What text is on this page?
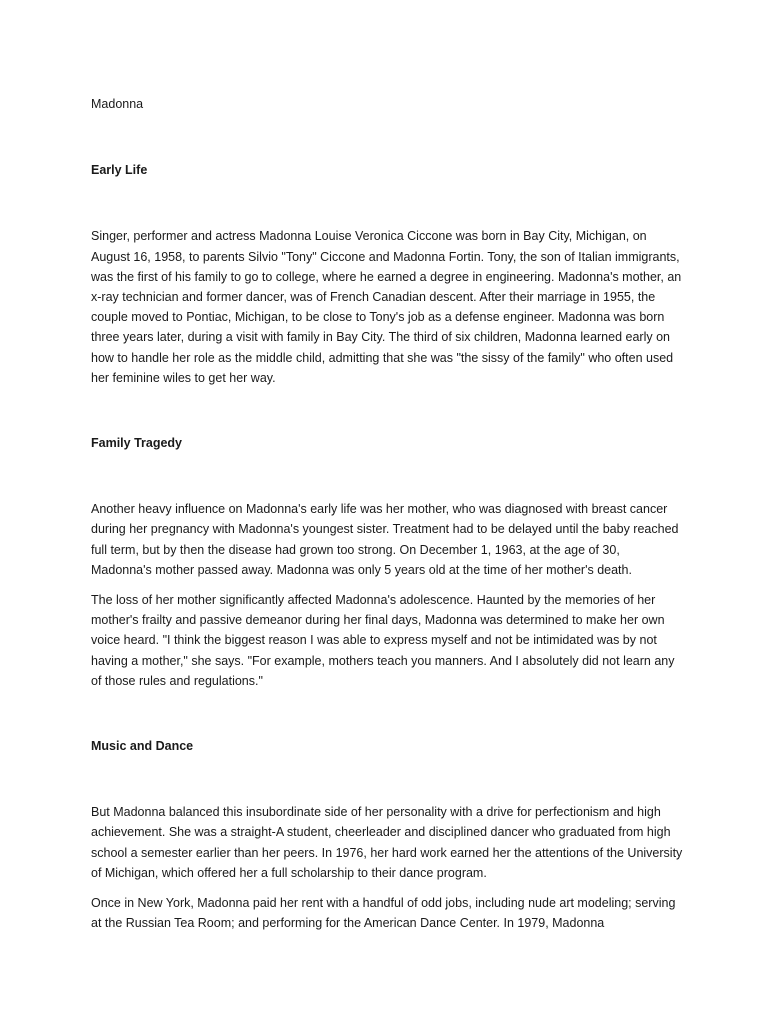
Madonna
Early Life

Singer, performer and actress Madonna Louise Veronica Ciccone was born in Bay City, Michigan, on August 16, 1958, to parents Silvio "Tony" Ciccone and Madonna Fortin. Tony, the son of Italian immigrants, was the first of his family to go to college, where he earned a degree in engineering. Madonna's mother, an x-ray technician and former dancer, was of French Canadian descent. After their marriage in 1955, the couple moved to Pontiac, Michigan, to be close to Tony's job as a defense engineer. Madonna was born three years later, during a visit with family in Bay City. The third of six children, Madonna learned early on how to handle her role as the middle child, admitting that she was "the sissy of the family" who often used her feminine wiles to get her way.

Family Tragedy

Another heavy influence on Madonna's early life was her mother, who was diagnosed with breast cancer during her pregnancy with Madonna's youngest sister. Treatment had to be delayed until the baby reached full term, but by then the disease had grown too strong. On December 1, 1963, at the age of 30, Madonna's mother passed away. Madonna was only 5 years old at the time of her mother's death.

The loss of her mother significantly affected Madonna's adolescence. Haunted by the memories of her mother's frailty and passive demeanor during her final days, Madonna was determined to make her own voice heard. "I think the biggest reason I was able to express myself and not be intimidated was by not having a mother," she says. "For example, mothers teach you manners. And I absolutely did not learn any of those rules and regulations."

Music and Dance

But Madonna balanced this insubordinate side of her personality with a drive for perfectionism and high achievement. She was a straight-A student, cheerleader and disciplined dancer who graduated from high school a semester earlier than her peers. In 1976, her hard work earned her the attentions of the University of Michigan, which offered her a full scholarship to their dance program.

Once in New York, Madonna paid her rent with a handful of odd jobs, including nude art modeling; serving at the Russian Tea Room; and performing for the American Dance Center. In 1979, Madonna
